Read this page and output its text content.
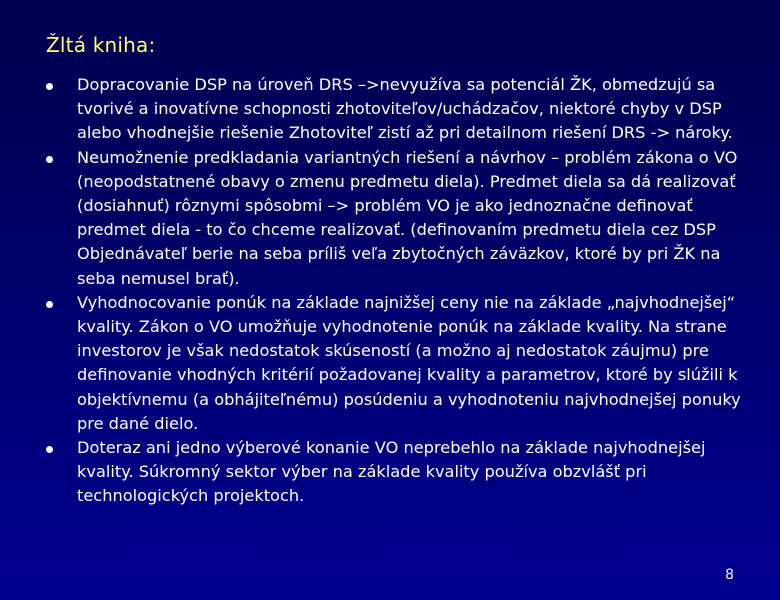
Žltá kniha:
Dopracovanie DSP na úroveň DRS –>nevyužíva sa potenciál ŽK, obmedzujú sa tvorivé a inovatívne schopnosti zhotoviteľov/uchádzačov, niektoré chyby v DSP alebo vhodnejšie riešenie Zhotoviteľ zistí až pri detailnom riešení DRS -> nároky.
Neumožnenie predkladania variantných riešení a návrhov – problém zákona o VO (neopodstatnené obavy o zmenu predmetu diela). Predmet diela sa dá realizovať (dosiahnuť) rôznymi spôsobmi –> problém VO je ako jednoznačne definovať predmet diela - to čo chceme realizovať. (definovaním predmetu diela cez DSP Objednávateľ berie na seba príliš veľa zbytočných záväzkov, ktoré by pri ŽK na seba nemusel brať).
Vyhodnocovanie ponúk na základe najnižšej ceny nie na základe „najvhodnejšej“ kvality. Zákon o VO umožňuje vyhodnotenie ponúk na základe kvality. Na strane investorov je však nedostatok skúseností (a možno aj nedostatok záujmu) pre definovanie vhodných kritérií požadovanej kvality a parametrov, ktoré by slúžili k objektívnemu (a obhájiteľnému) posúdeniu a vyhodnoteniu najvhodnejšej ponuky pre dané dielo.
Doteraz ani jedno výberové konanie VO neprebehlo na základe najvhodnejšej kvality. Súkromný sektor výber na základe kvality používa obzvlášť pri technologických projektoch.
8
